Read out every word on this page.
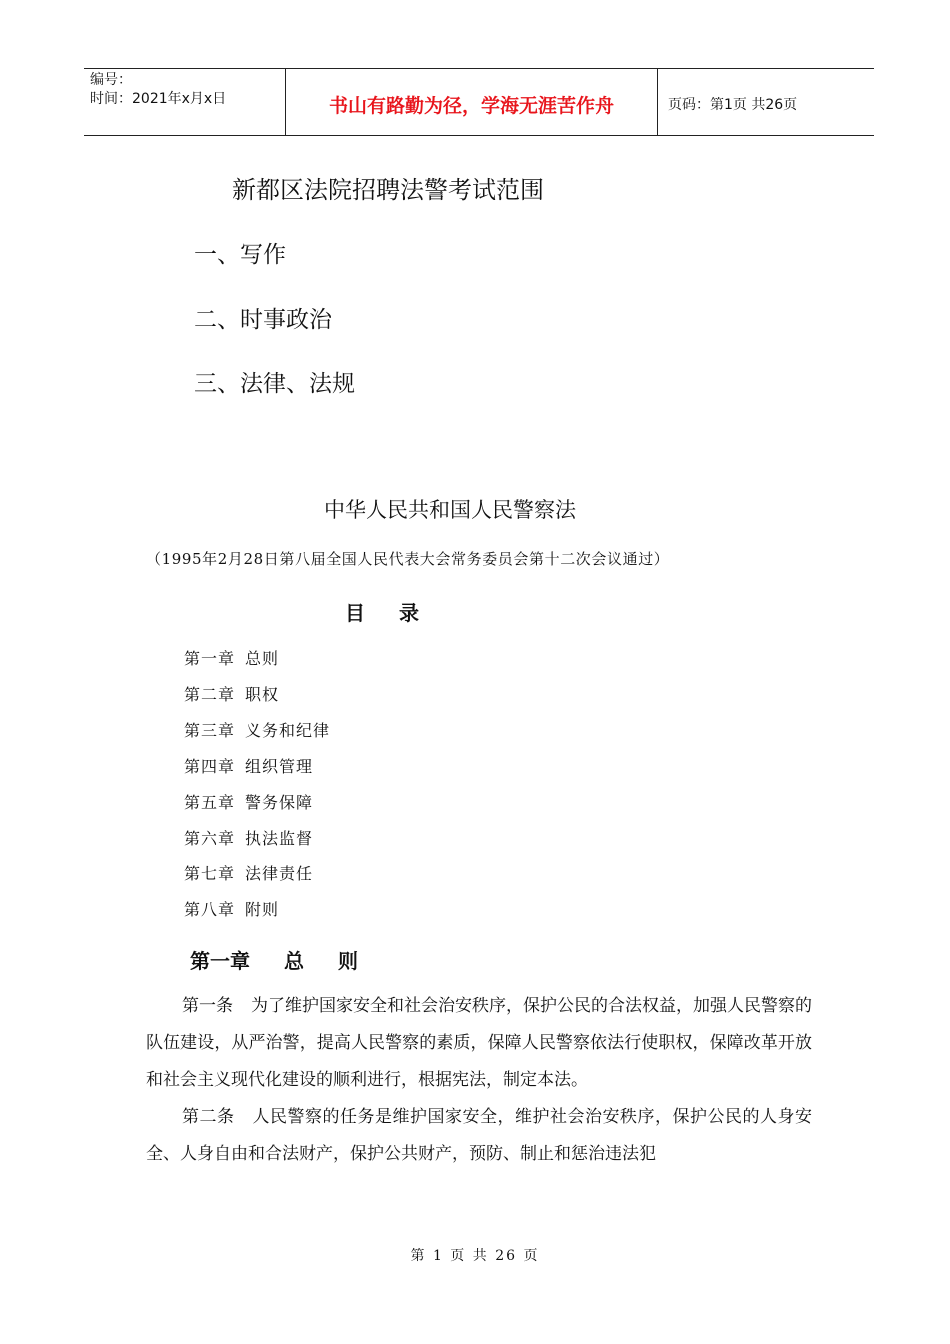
编号：
时间：2021年x月x日	书山有路勤为径，学海无涯苦作舟	页码：第1页 共26页
新都区法院招聘法警考试范围
一、写作
二、时事政治
三、法律、法规
中华人民共和国人民警察法
（1995年2月28日第八届全国人民代表大会常务委员会第十二次会议通过）
目录
第一章 总则
第二章 职权
第三章 义务和纪律
第四章 组织管理
第五章 警务保障
第六章 执法监督
第七章 法律责任
第八章 附则
第一章 总 则

第一条 为了维护国家安全和社会治安秩序，保护公民的合法权益，加强人民警察的队伍建设，从严治警，提高人民警察的素质，保障人民警察依法行使职权，保障改革开放和社会主义现代化建设的顺利进行，根据宪法，制定本法。

第二条 人民警察的任务是维护国家安全，维护社会治安秩序，保护公民的人身安全、人身自由和合法财产，保护公共财产，预防、制止和惩治违法犯

第 1 页 共 26 页
